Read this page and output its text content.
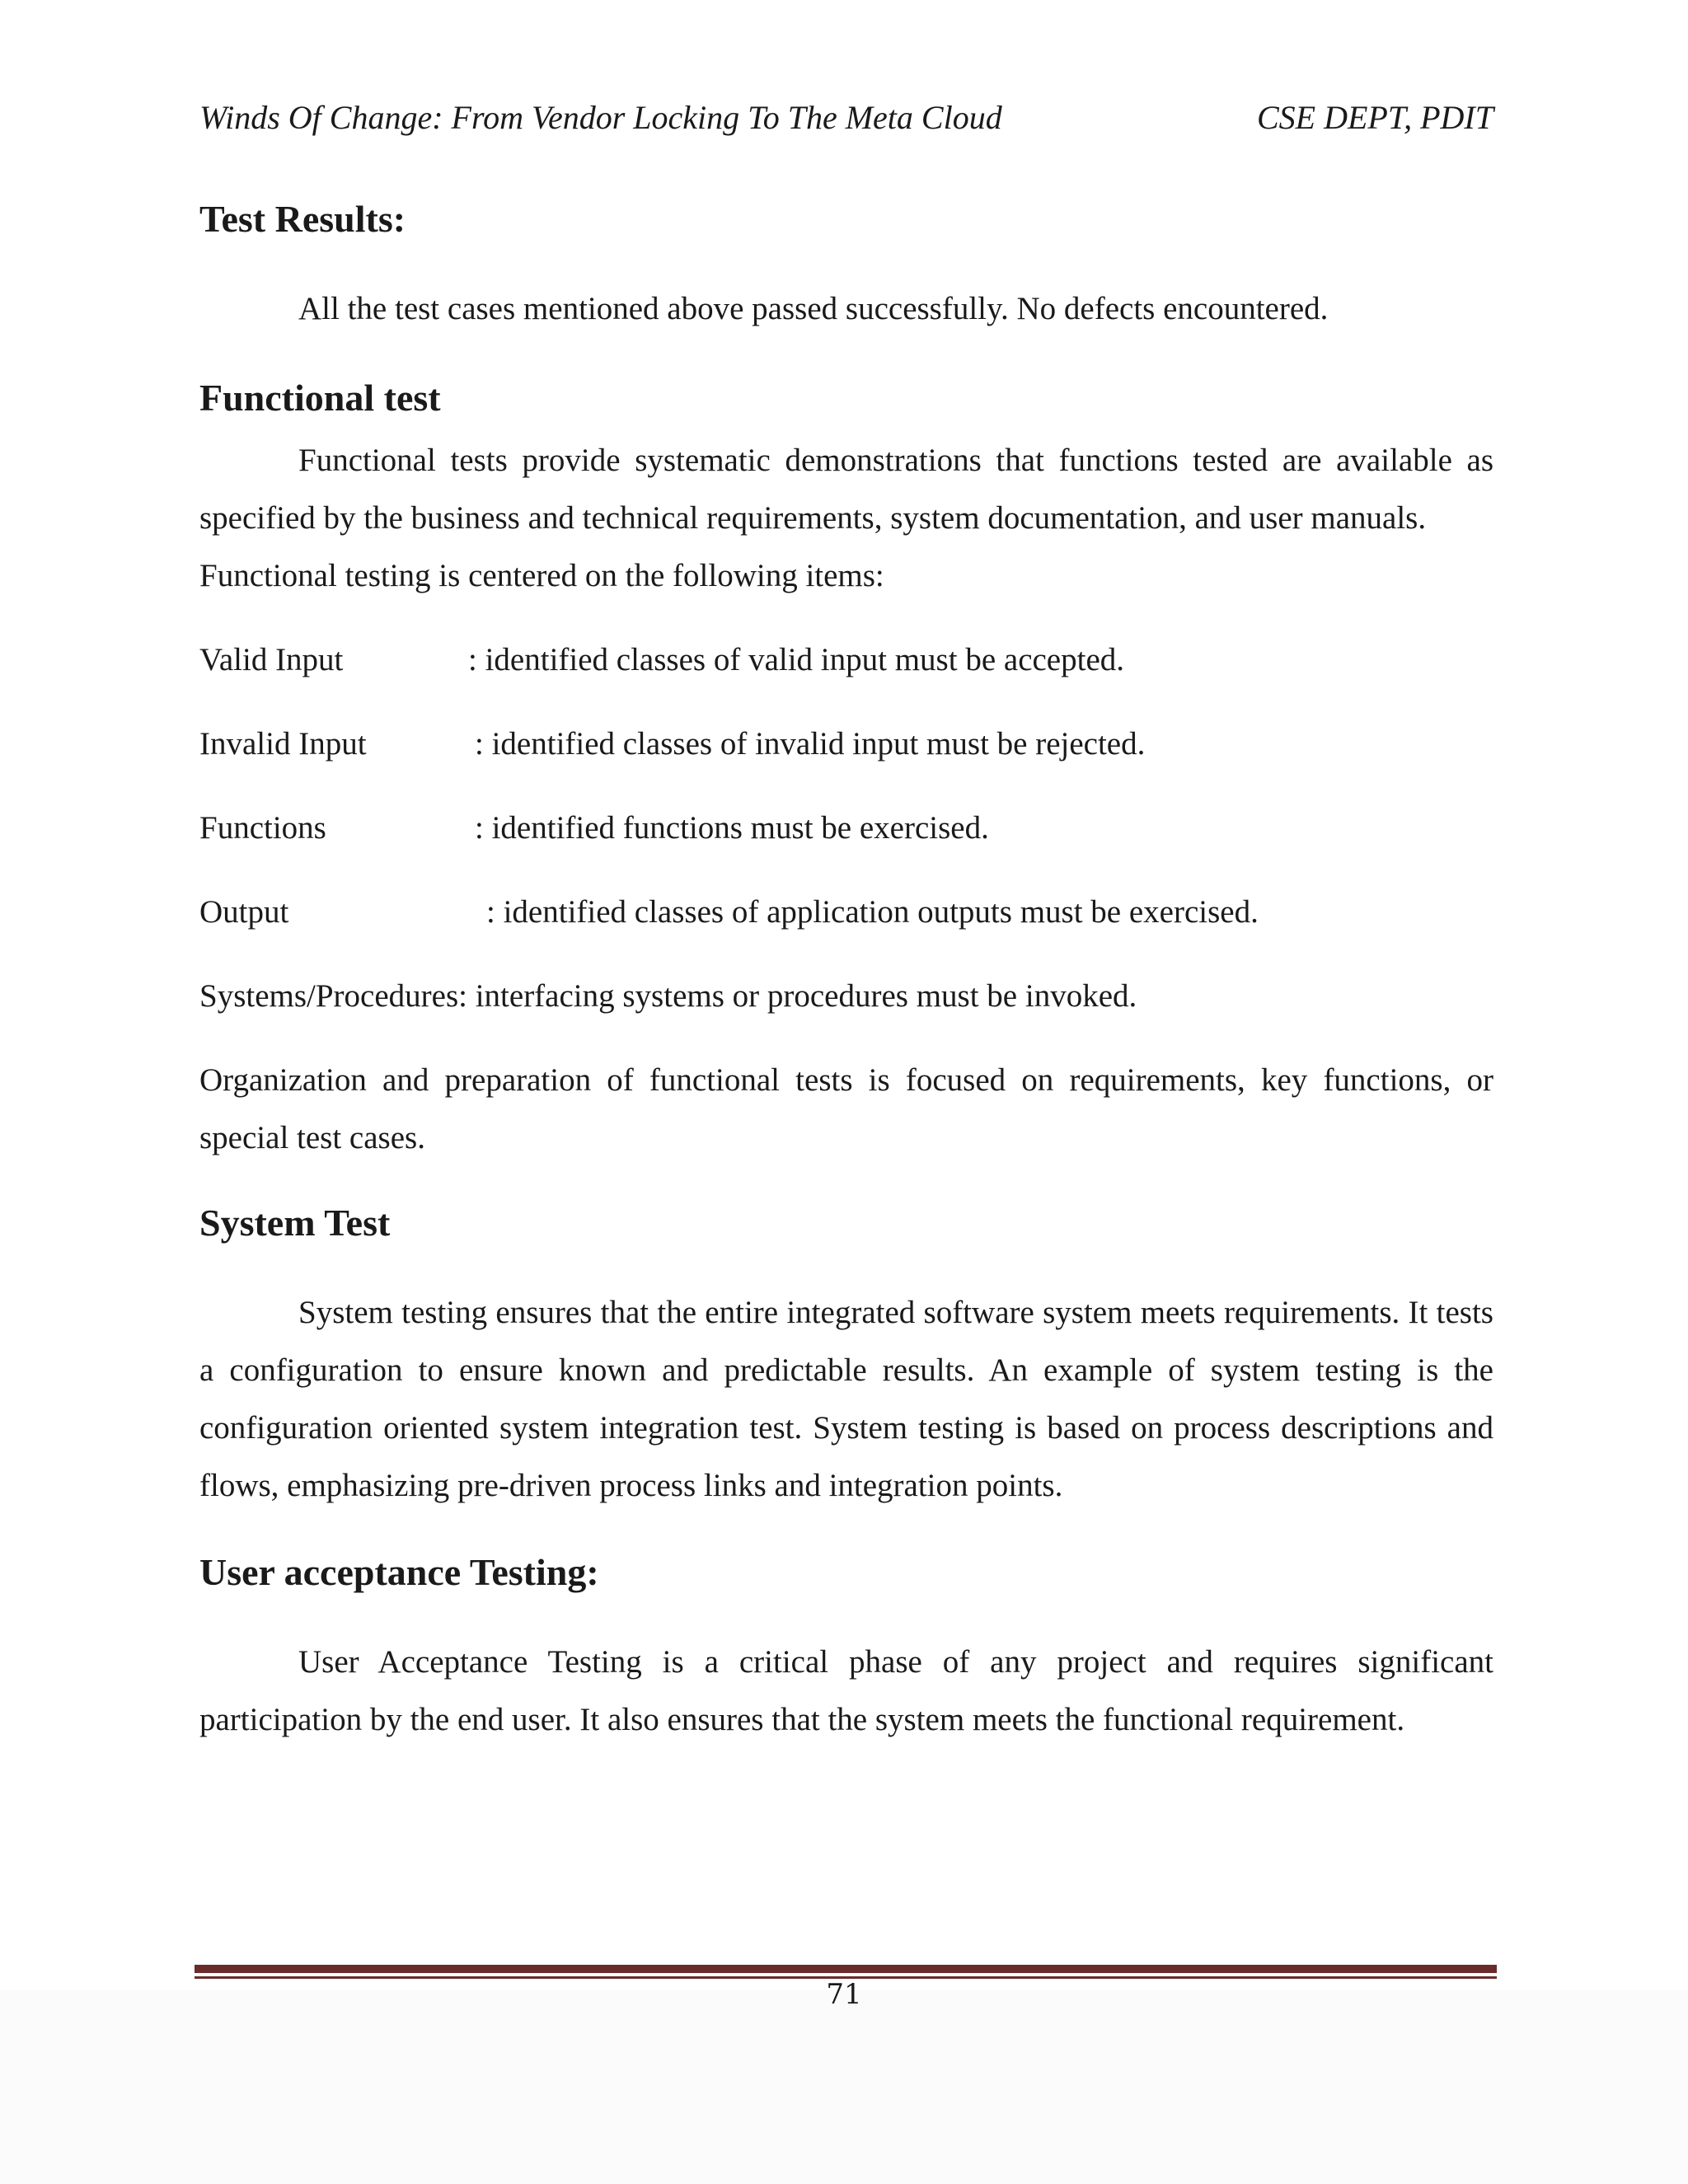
Winds Of Change: From Vendor Locking To The Meta Cloud	CSE DEPT, PDIT
Test Results:

All the test cases mentioned above passed successfully. No defects encountered.

Functional test

Functional tests provide systematic demonstrations that functions tested are available as specified by the business and technical requirements, system documentation, and user manuals.

Functional testing is centered on the following items:

Valid Input	: identified classes of valid input must be accepted.
Invalid Input	: identified classes of invalid input must be rejected.
Functions	: identified functions must be exercised.
Output	: identified classes of application outputs must be exercised.

Systems/Procedures: interfacing systems or procedures must be invoked.

Organization and preparation of functional tests is focused on requirements, key functions, or special test cases.

System Test

System testing ensures that the entire integrated software system meets requirements. It tests a configuration to ensure known and predictable results. An example of system testing is the configuration oriented system integration test. System testing is based on process descriptions and flows, emphasizing pre-driven process links and integration points.

User acceptance Testing:

User Acceptance Testing is a critical phase of any project and requires significant participation by the end user. It also ensures that the system meets the functional requirement.

71
